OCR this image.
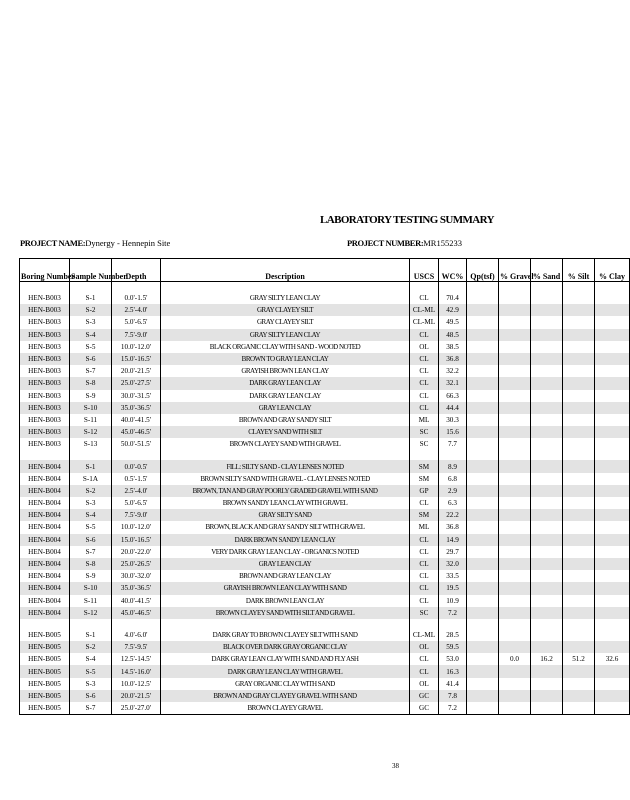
LABORATORY TESTING SUMMARY
PROJECT NAME:Dynergy - Hennepin Site	PROJECT NUMBER:MR155233
Boring Number	Sample Number	Depth	Description	USCS	WC%	Qp(tsf)	% Gravel	% Sand	% Silt	% Clay

HEN-B003	S-1	0.0'-1.5'	GRAY SILTY LEAN CLAY	CL	70.4					
HEN-B003	S-2	2.5'-4.0'	GRAY CLAYEY SILT	CL-ML	42.9					
HEN-B003	S-3	5.0'-6.5'	GRAY CLAYEY SILT	CL-ML	49.5					
HEN-B003	S-4	7.5'-9.0'	GRAY SILTY LEAN CLAY	CL	48.5					
HEN-B003	S-5	10.0'-12.0'	BLACK ORGANIC CLAY WITH SAND - WOOD NOTED	OL	38.5					
HEN-B003	S-6	15.0'-16.5'	BROWN TO GRAY LEAN CLAY	CL	36.8					
HEN-B003	S-7	20.0'-21.5'	GRAYISH BROWN LEAN CLAY	CL	32.2					
HEN-B003	S-8	25.0'-27.5'	DARK GRAY LEAN CLAY	CL	32.1					
HEN-B003	S-9	30.0'-31.5'	DARK GRAY LEAN CLAY	CL	66.3					
HEN-B003	S-10	35.0'-36.5'	GRAY LEAN CLAY	CL	44.4					
HEN-B003	S-11	40.0'-41.5'	BROWN AND GRAY SANDY SILT	ML	30.3					
HEN-B003	S-12	45.0'-46.5'	CLAYEY SAND WITH SILT	SC	15.6					
HEN-B003	S-13	50.0'-51.5'	BROWN CLAYEY SAND WITH GRAVEL	SC	7.7					

HEN-B004	S-1	0.0'-0.5'	FILL: SILTY SAND - CLAY LENSES NOTED	SM	8.9					
HEN-B004	S-1A	0.5'-1.5'	BROWN SILTY SAND WITH GRAVEL - CLAY LENSES NOTED	SM	6.8					
HEN-B004	S-2	2.5'-4.0'	BROWN, TAN AND GRAY POORLY GRADED GRAVEL WITH SAND	GP	2.9					
HEN-B004	S-3	5.0'-6.5'	BROWN SANDY LEAN CLAY WITH GRAVEL	CL	6.3					
HEN-B004	S-4	7.5'-9.0'	GRAY SILTY SAND	SM	22.2					
HEN-B004	S-5	10.0'-12.0'	BROWN, BLACK AND GRAY SANDY SILT WITH GRAVEL	ML	36.8					
HEN-B004	S-6	15.0'-16.5'	DARK BROWN SANDY LEAN CLAY	CL	14.9					
HEN-B004	S-7	20.0'-22.0'	VERY DARK GRAY LEAN CLAY - ORGANICS NOTED	CL	29.7					
HEN-B004	S-8	25.0'-26.5'	GRAY LEAN CLAY	CL	32.0					
HEN-B004	S-9	30.0'-32.0'	BROWN AND GRAY LEAN CLAY	CL	33.5					
HEN-B004	S-10	35.0'-36.5'	GRAYISH BROWN LEAN CLAY WITH SAND	CL	19.5					
HEN-B004	S-11	40.0'-41.5'	DARK BROWN LEAN CLAY	CL	10.9					
HEN-B004	S-12	45.0'-46.5'	BROWN CLAYEY SAND WITH SILT AND GRAVEL	SC	7.2					

HEN-B005	S-1	4.0'-6.0'	DARK GRAY TO BROWN CLAYEY SILT WITH SAND	CL-ML	28.5					
HEN-B005	S-2	7.5'-9.5'	BLACK OVER DARK GRAY ORGANIC CLAY	OL	59.5					
HEN-B005	S-4	12.5'-14.5'	DARK GRAY LEAN CLAY WITH SAND AND FLY ASH	CL	53.0		0.0	16.2	51.2	32.6
HEN-B005	S-5	14.5'-16.0'	DARK GRAY LEAN CLAY WITH GRAVEL	CL	16.3					
HEN-B005	S-3	10.0'-12.5'	GRAY ORGANIC CLAY WITH SAND	OL	41.4					
HEN-B005	S-6	20.0'-21.5'	BROWN AND GRAY CLAYEY GRAVEL WITH SAND	GC	7.8					
HEN-B005	S-7	25.0'-27.0'	BROWN CLAYEY GRAVEL	GC	7.2					
38
